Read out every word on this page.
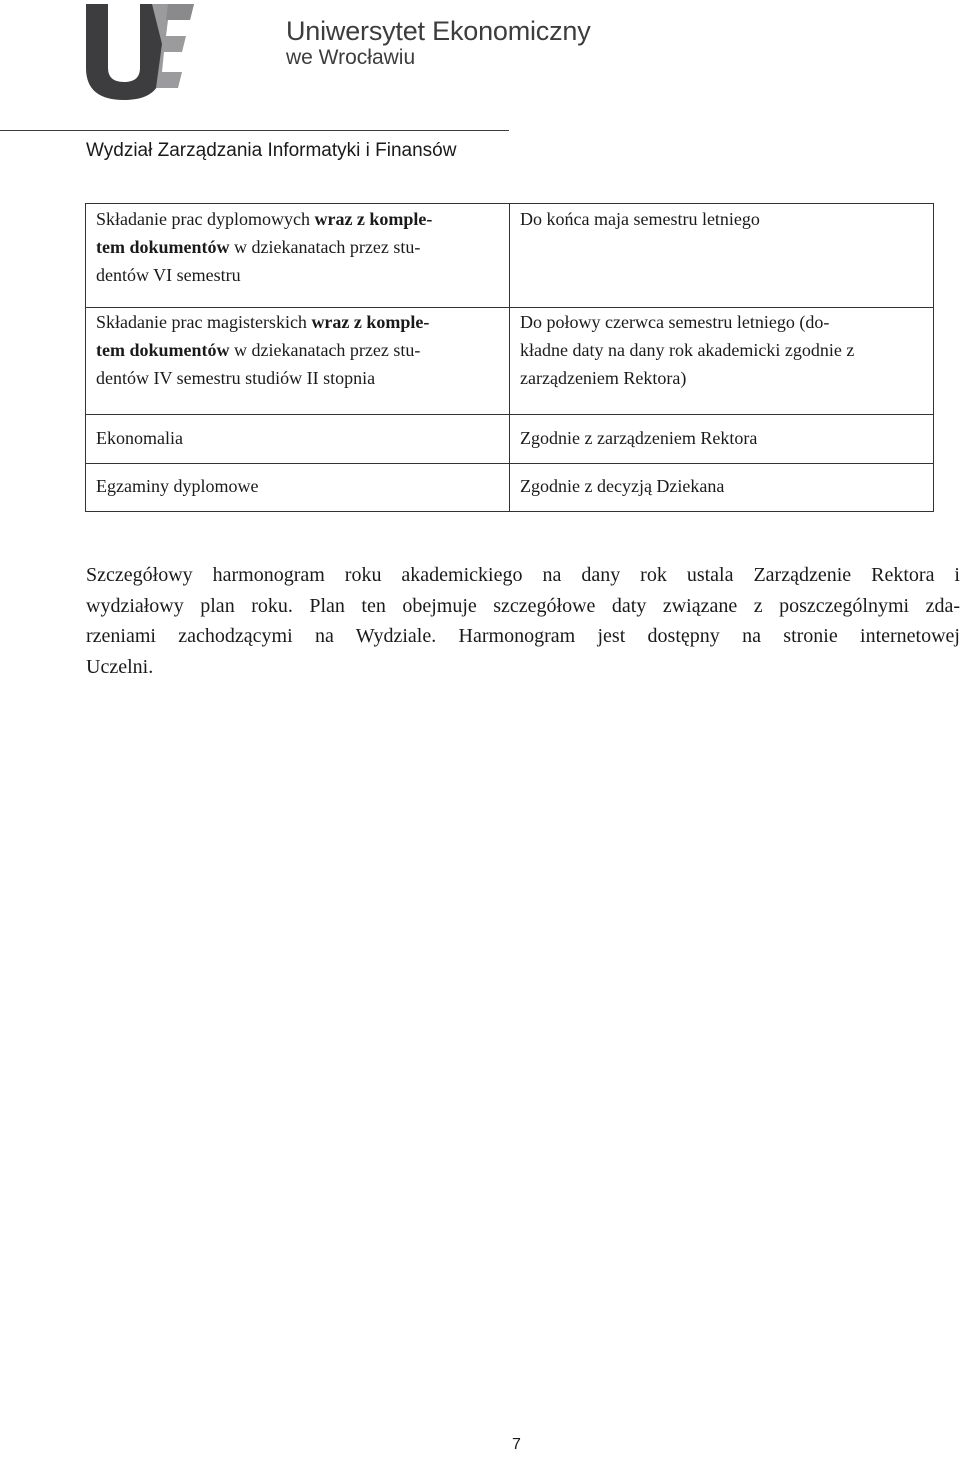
Uniwersytet Ekonomiczny
we Wrocławiu
Wydział Zarządzania Informatyki i Finansów
Składanie prac dyplomowych wraz z komple-
tem dokumentów w dziekanatach przez stu-
dentów VI semestru	Do końca maja semestru letniego
Składanie prac magisterskich wraz z komple-
tem dokumentów w dziekanatach przez stu-
dentów IV semestru studiów II stopnia	Do połowy czerwca semestru letniego (do-
kładne daty na dany rok akademicki zgodnie z
zarządzeniem Rektora)
Ekonomalia	Zgodnie z zarządzeniem Rektora
Egzaminy dyplomowe	Zgodnie z decyzją Dziekana
Szczegółowy harmonogram roku akademickiego na dany rok ustala Zarządzenie Rektora i
wydziałowy plan roku. Plan ten obejmuje szczegółowe daty związane z poszczególnymi zda-
rzeniami zachodzącymi na Wydziale. Harmonogram jest dostępny na stronie internetowej
Uczelni.
7
